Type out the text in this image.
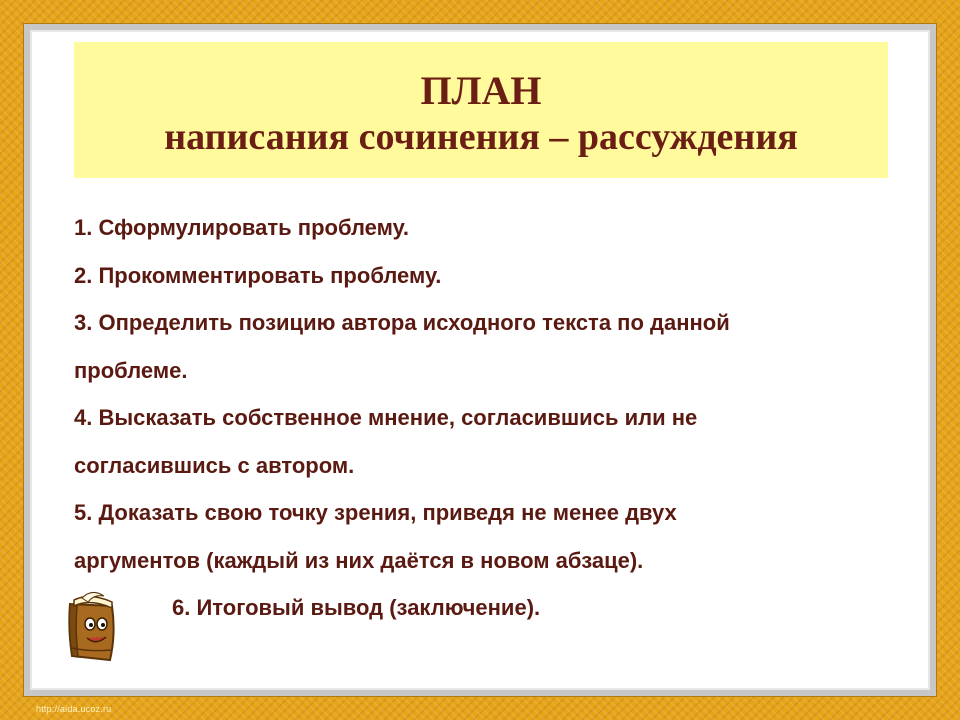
ПЛАН

написания сочинения – рассуждения

1. Сформулировать проблему.
2. Прокомментировать проблему.
3. Определить позицию автора исходного текста по данной
проблеме.
4. Высказать собственное мнение, согласившись или не
согласившись с автором.
5. Доказать свою точку зрения, приведя не менее двух
аргументов (каждый из них даётся в новом абзаце).
6. Итоговый вывод (заключение).
http://aida.ucoz.ru
